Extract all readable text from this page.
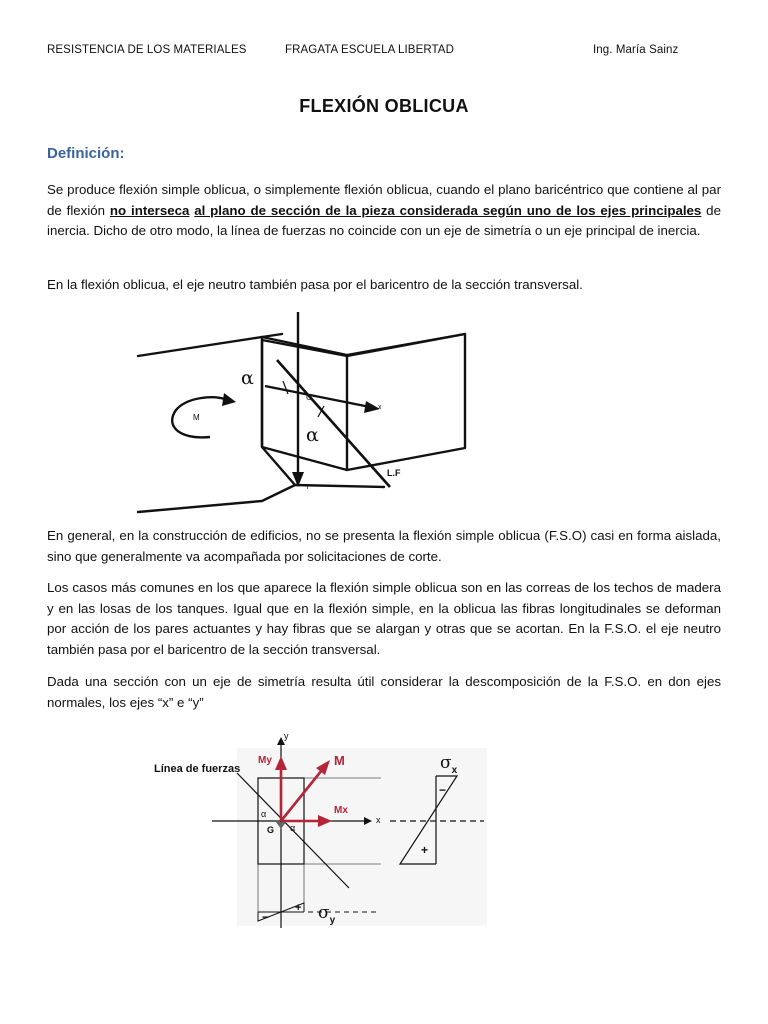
RESISTENCIA DE LOS MATERIALES	FRAGATA ESCUELA LIBERTAD	Ing. María Sainz
FLEXIÓN OBLICUA
Definición:
Se produce flexión simple oblicua, o simplemente flexión oblicua, cuando el plano baricéntrico que contiene al par de flexión no interseca al plano de sección de la pieza considerada según uno de los ejes principales de inercia. Dicho de otro modo, la línea de fuerzas no coincide con un eje de simetría o un eje principal de inercia.
En la flexión oblicua, el eje neutro también pasa por el baricentro de la sección transversal.
α
α
M
G
x
Y
L.F
En general, en la construcción de edificios, no se presenta la flexión simple oblicua (F.S.O) casi en forma aislada, sino que generalmente va acompañada por solicitaciones de corte.
Los casos más comunes en los que aparece la flexión simple oblicua son en las correas de los techos de madera y en las losas de los tanques. Igual que en la flexión simple, en la oblicua las fibras longitudinales se deforman por acción de los pares actuantes y hay fibras que se alargan y otras que se acortan. En la F.S.O. el eje neutro también pasa por el baricentro de la sección transversal.
Dada una sección con un eje de simetría resulta útil considerar la descomposición de la F.S.O. en don ejes normales, los ejes “x” e “y”
Línea de fuerzas
y
x
My	M
Mx
α
α
G
$\sigma_x$
$\sigma_y$
−
+
−
+
